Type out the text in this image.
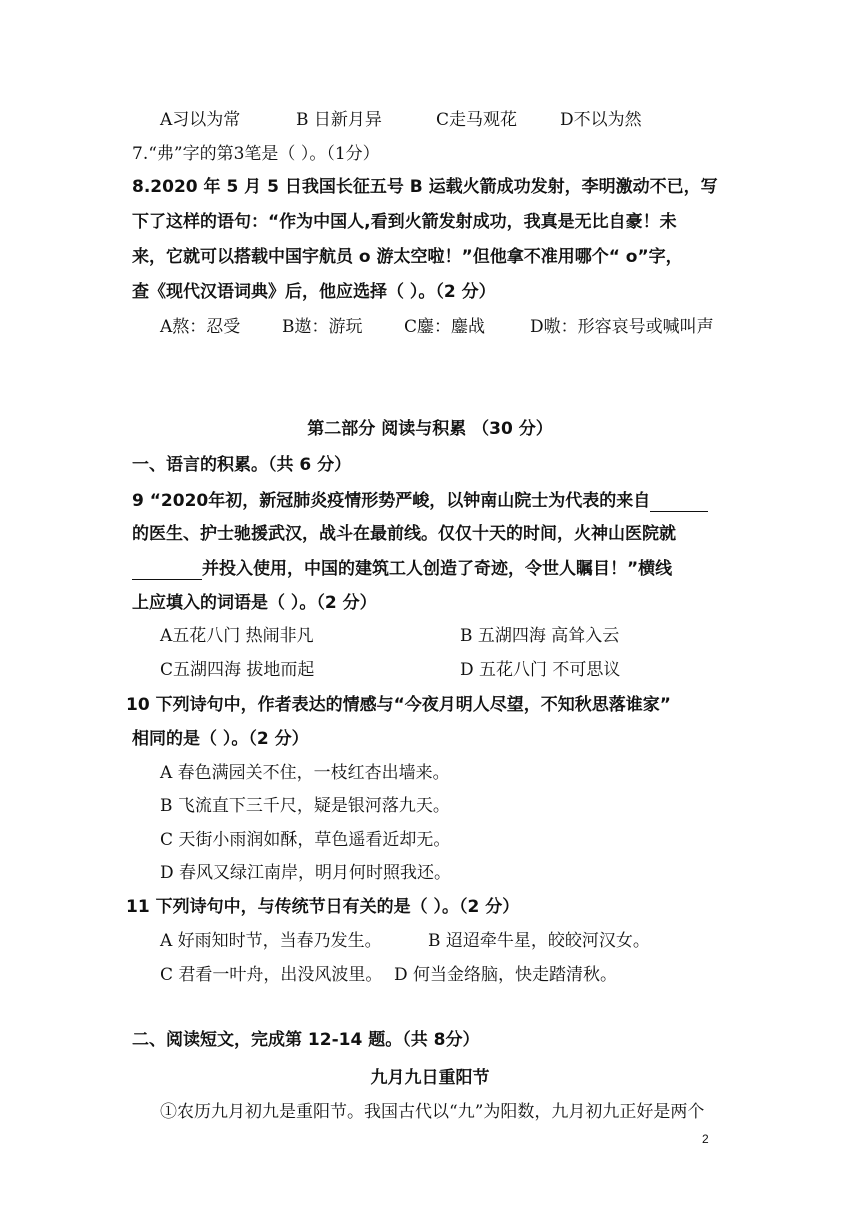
A习以为常	B 日新月异	C走马观花	D不以为然
7.“弗”字的第3笔是（ ）。（1分）
8.2020 年 5 月 5 日我国长征五号 B 运载火箭成功发射，李明激动不已，写
下了这样的语句：“作为中国人,看到火箭发射成功，我真是无比自豪！未
来，它就可以搭载中国宇航员 o 游太空啦！”但他拿不准用哪个“ o”字，
查《现代汉语词典》后，他应选择（ ）。（2 分）
A熬：忍受 B遨：游玩 C鏖：鏖战	D嗷：形容哀号或喊叫声
第二部分 阅读与积累 （30 分）
一、语言的积累。（共 6 分）
9 “2020年初，新冠肺炎疫情形势严峻，以钟南山院士为代表的来自
的医生、护士驰援武汉，战斗在最前线。仅仅十天的时间，火神山医院就
并投入使用，中国的建筑工人创造了奇迹，令世人瞩目！”横线
上应填入的词语是（ ）。（2 分）
A五花八门 热闹非凡	B 五湖四海 高耸入云
C五湖四海 拔地而起	D 五花八门 不可思议
10 下列诗句中，作者表达的情感与“今夜月明人尽望，不知秋思落谁家”
相同的是（ ）。（2 分）
A 春色满园关不住，一枝红杏出墙来。
B 飞流直下三千尺，疑是银河落九天。
C 天街小雨润如酥，草色遥看近却无。
D 春风又绿江南岸，明月何时照我还。
11 下列诗句中，与传统节日有关的是（ ）。（2 分）
A 好雨知时节，当春乃发生。	B 迢迢牵牛星，皎皎河汉女。
C 君看一叶舟，出没风波里。 D 何当金络脑，快走踏清秋。
二、阅读短文，完成第 12-14 题。（共 8分）
九月九日重阳节
①农历九月初九是重阳节。我国古代以“九”为阳数，九月初九正好是两个
2
